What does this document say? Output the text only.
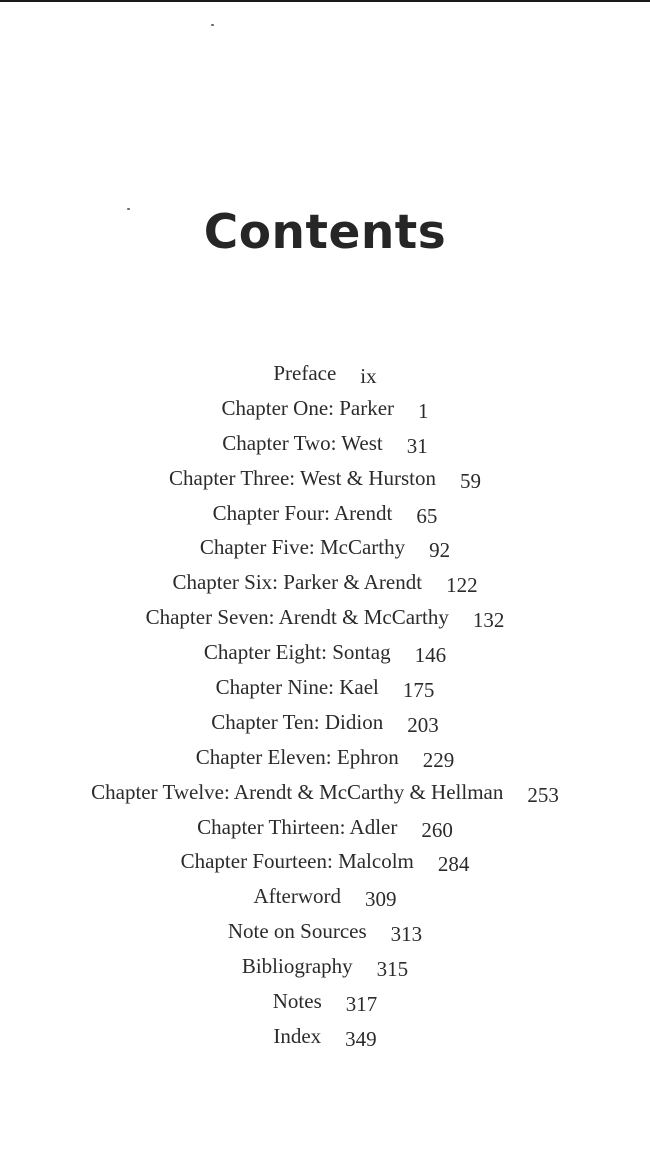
Contents
Preface ix
Chapter One: Parker 1
Chapter Two: West 31
Chapter Three: West & Hurston 59
Chapter Four: Arendt 65
Chapter Five: McCarthy 92
Chapter Six: Parker & Arendt 122
Chapter Seven: Arendt & McCarthy 132
Chapter Eight: Sontag 146
Chapter Nine: Kael 175
Chapter Ten: Didion 203
Chapter Eleven: Ephron 229
Chapter Twelve: Arendt & McCarthy & Hellman 253
Chapter Thirteen: Adler 260
Chapter Fourteen: Malcolm 284
Afterword 309
Note on Sources 313
Bibliography 315
Notes 317
Index 349
